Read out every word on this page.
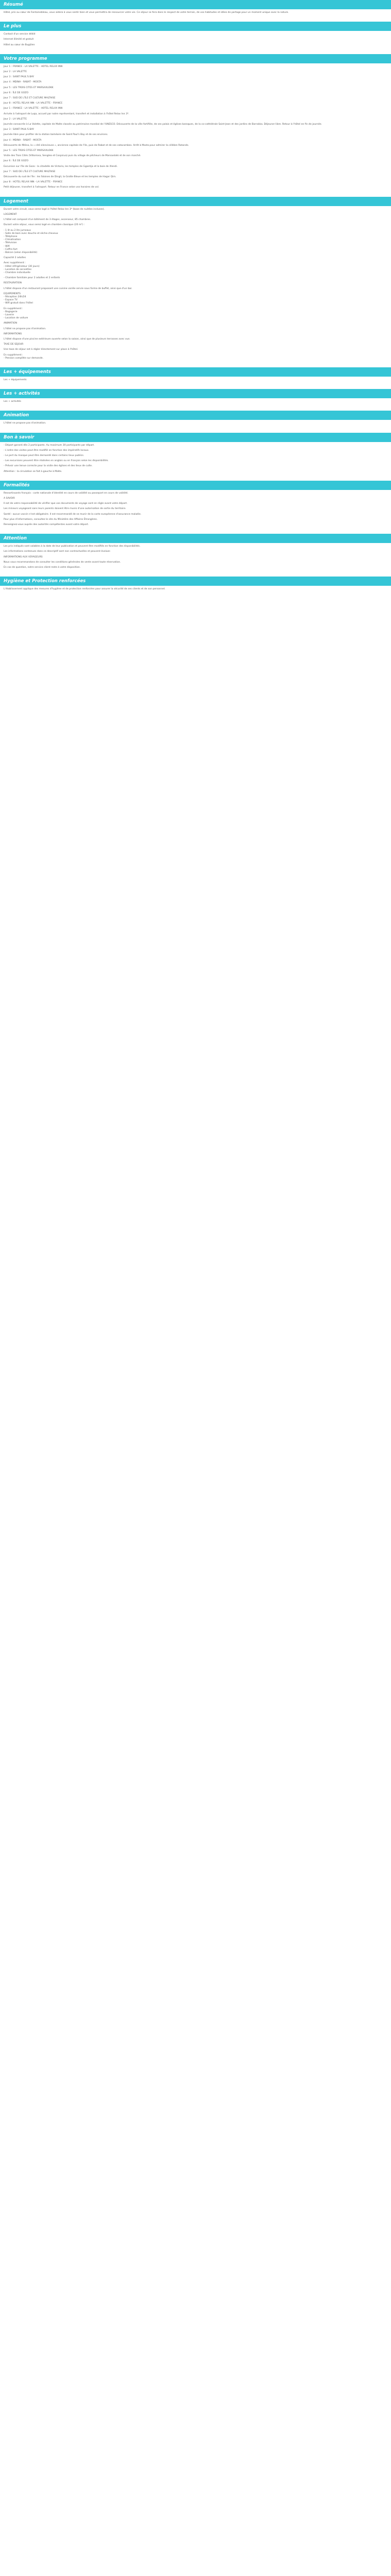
Résumé

Hôtel, pris au cœur de Fontainebleau, vous aidera à vous sentir bien et vous permettra de ressourcer votre vie. Ce séjour se fera dans le respect de votre terrain, de vos habitudes et idées de partage pour un moment unique avec la nature.

Le plus

Contact d'un service dédié

Internet illimité et gratuit

Hôtel au cœur de Bugülen

Votre programme

Jour 1 : FRANCE - LA VALETTE - HOTEL RELAX INN

Jour 2 : LA VALETTE

Jour 3 : SAINT PAUL'S BAY

Jour 4 : MDINA - RABAT - MOSTA

Jour 5 : LES TROIS CITES ET MARSAXLOKK

Jour 6 : ÎLE DE GOZO

Jour 7 : SUD DE L'ÎLE ET CULTURE MALTAISE

Jour 8 : HOTEL RELAX INN - LA VALETTE - FRANCE

Jour 1 : FRANCE - LA VALETTE - HOTEL RELAX INN

Arrivée à l'aéroport de Luqa, accueil par notre représentant, transfert et installation à l'hôtel Relax Inn 3*.

Jour 2 : LA VALETTE

Journée consacrée à La Valette, capitale de Malte classée au patrimoine mondial de l'UNESCO. Découverte de la ville fortifiée, de ses palais et églises baroques, de la co-cathédrale Saint-Jean et des jardins de Barrakka. Déjeuner libre. Retour à l'hôtel en fin de journée.

Jour 3 : SAINT PAUL'S BAY

Journée libre pour profiter de la station balnéaire de Saint Paul's Bay et de ses environs.

Jour 4 : MDINA - RABAT - MOSTA

Découverte de Mdina, la « cité silencieuse », ancienne capitale de l'île, puis de Rabat et de ses catacombes. Arrêt à Mosta pour admirer la célèbre Rotonde.

Jour 5 : LES TROIS CITES ET MARSAXLOKK

Visite des Trois Cités (Vittoriosa, Senglea et Cospicua) puis du village de pêcheurs de Marsaxlokk et de son marché.

Jour 6 : ÎLE DE GOZO

Excursion sur l'île de Gozo : la citadelle de Victoria, les temples de Ggantija et la baie de Xlendi.

Jour 7 : SUD DE L'ÎLE ET CULTURE MALTAISE

Découverte du sud de l'île : les falaises de Dingli, la Grotte Bleue et les temples de Hagar Qim.

Jour 8 : HOTEL RELAX INN - LA VALETTE - FRANCE

Petit déjeuner, transfert à l'aéroport. Retour en France selon vos horaires de vol.

Logement

Durant votre circuit, vous serez logé à l'hôtel Relax Inn 3* (base de nuitées incluses).

LOGEMENT

L'hôtel est composé d'un bâtiment de 3 étages, ascenseur, 85 chambres.

Durant votre séjour, vous serez logé en chambre classique (20 m²) :

- 1 lit ou 2 lits jumeaux
- Salle de bain avec douche et sèche-cheveux
- Téléphone
- Climatisation
- Télévision
- Wifi
- Coffre-fort
- Balcon (selon disponibilité)

Capacité 2 adultes

Avec supplément :
- Hôtel réfrigérateur (30 jours)
- Location de serviettes
- Chambre individuelle

- Chambre familiale pour 2 adultes et 2 enfants

RESTAURATION

L'hôtel dispose d'un restaurant proposant une cuisine variée servie sous forme de buffet, ainsi que d'un bar.

EQUIPEMENTS
- Réception 24h/24
- Espace TV
- Wifi gratuit dans l'hôtel

En supplément :
- Bagagerie
- Laverie
- Location de voiture

ANIMATION

L'hôtel ne propose pas d'animation.

INFORMATIONS

L'hôtel dispose d'une piscine extérieure ouverte selon la saison, ainsi que de plusieurs terrasses avec vue.

TAXE DE SEJOUR

Une taxe de séjour est à régler directement sur place à l'hôtel.

En supplément :
- Pension complète sur demande.

Les + équipements

Les + équipements

Les + activités

Les + activités

Animation

L'hôtel ne propose pas d'animation.

Bon à savoir

- Départ garanti dès 2 participants. Au maximum 30 participants par départ.

- L'ordre des visites peut être modifié en fonction des impératifs locaux.

- Le port du masque peut être demandé dans certains lieux publics.

- Les excursions peuvent être réalisées en anglais ou en français selon les disponibilités.

- Prévoir une tenue correcte pour la visite des églises et des lieux de culte.

Attention : la circulation se fait à gauche à Malte.

Formalités

Ressortissants français : carte nationale d'identité en cours de validité ou passeport en cours de validité.

A SAVOIR

Il est de votre responsabilité de vérifier que vos documents de voyage sont en règle avant votre départ.

Les mineurs voyageant sans leurs parents doivent être munis d'une autorisation de sortie du territoire.

Santé : aucun vaccin n'est obligatoire. Il est recommandé de se munir de la carte européenne d'assurance maladie.

Pour plus d'informations, consultez le site du Ministère des Affaires Étrangères.

Renseignez-vous auprès des autorités compétentes avant votre départ.

Attention

Les prix indiqués sont valables à la date de leur publication et peuvent être modifiés en fonction des disponibilités.

Les informations contenues dans ce descriptif sont non contractuelles et peuvent évoluer.

INFORMATIONS AUX VOYAGEURS

Nous vous recommandons de consulter les conditions générales de vente avant toute réservation.

En cas de question, notre service client reste à votre disposition.

Hygiène et Protection renforcées

L'établissement applique des mesures d'hygiène et de protection renforcées pour assurer la sécurité de ses clients et de son personnel.
